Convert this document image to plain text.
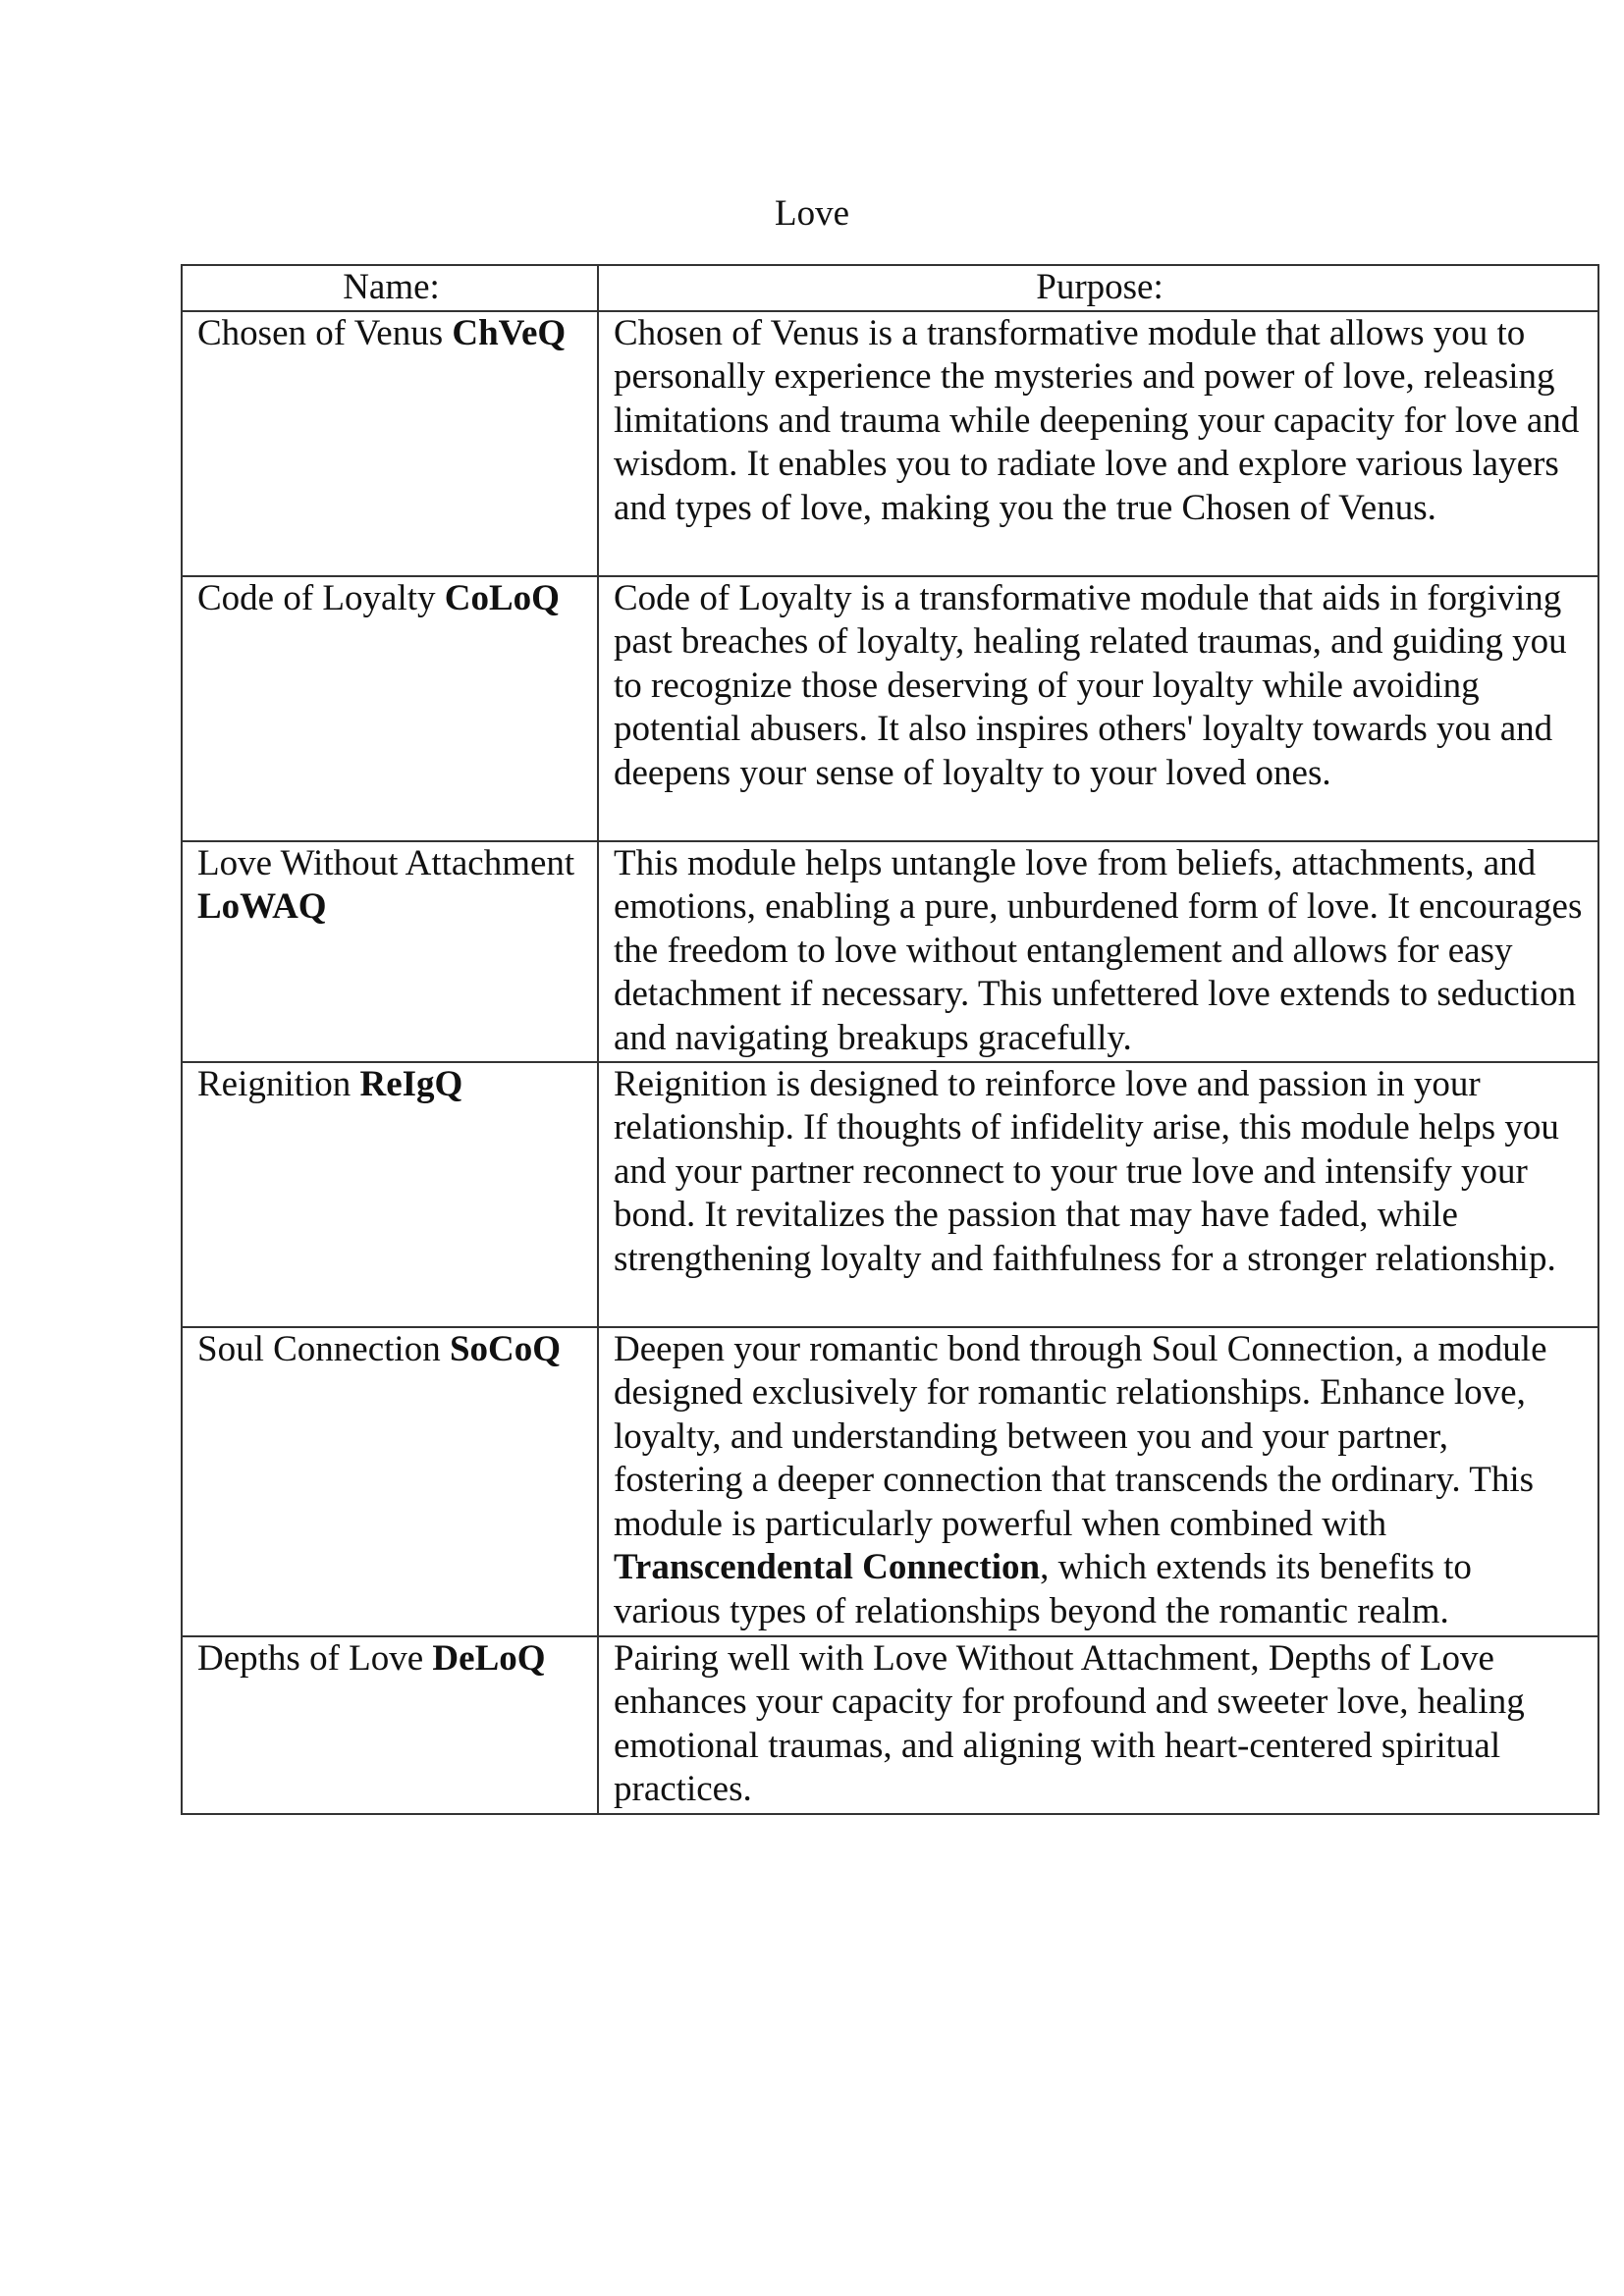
Love
Name:	Purpose:
Chosen of Venus ChVeQ	Chosen of Venus is a transformative module that allows you to personally experience the mysteries and power of love, releasing limitations and trauma while deepening your capacity for love and wisdom. It enables you to radiate love and explore various layers and types of love, making you the true Chosen of Venus.
Code of Loyalty CoLoQ	Code of Loyalty is a transformative module that aids in forgiving past breaches of loyalty, healing related traumas, and guiding you to recognize those deserving of your loyalty while avoiding potential abusers. It also inspires others' loyalty towards you and deepens your sense of loyalty to your loved ones.
Love Without Attachment LoWAQ	This module helps untangle love from beliefs, attachments, and emotions, enabling a pure, unburdened form of love. It encourages the freedom to love without entanglement and allows for easy detachment if necessary. This unfettered love extends to seduction and navigating breakups gracefully.
Reignition ReIgQ	Reignition is designed to reinforce love and passion in your relationship. If thoughts of infidelity arise, this module helps you and your partner reconnect to your true love and intensify your bond. It revitalizes the passion that may have faded, while strengthening loyalty and faithfulness for a stronger relationship.
Soul Connection SoCoQ	Deepen your romantic bond through Soul Connection, a module designed exclusively for romantic relationships. Enhance love, loyalty, and understanding between you and your partner, fostering a deeper connection that transcends the ordinary. This module is particularly powerful when combined with Transcendental Connection, which extends its benefits to various types of relationships beyond the romantic realm.
Depths of Love DeLoQ	Pairing well with Love Without Attachment, Depths of Love enhances your capacity for profound and sweeter love, healing emotional traumas, and aligning with heart-centered spiritual practices.
